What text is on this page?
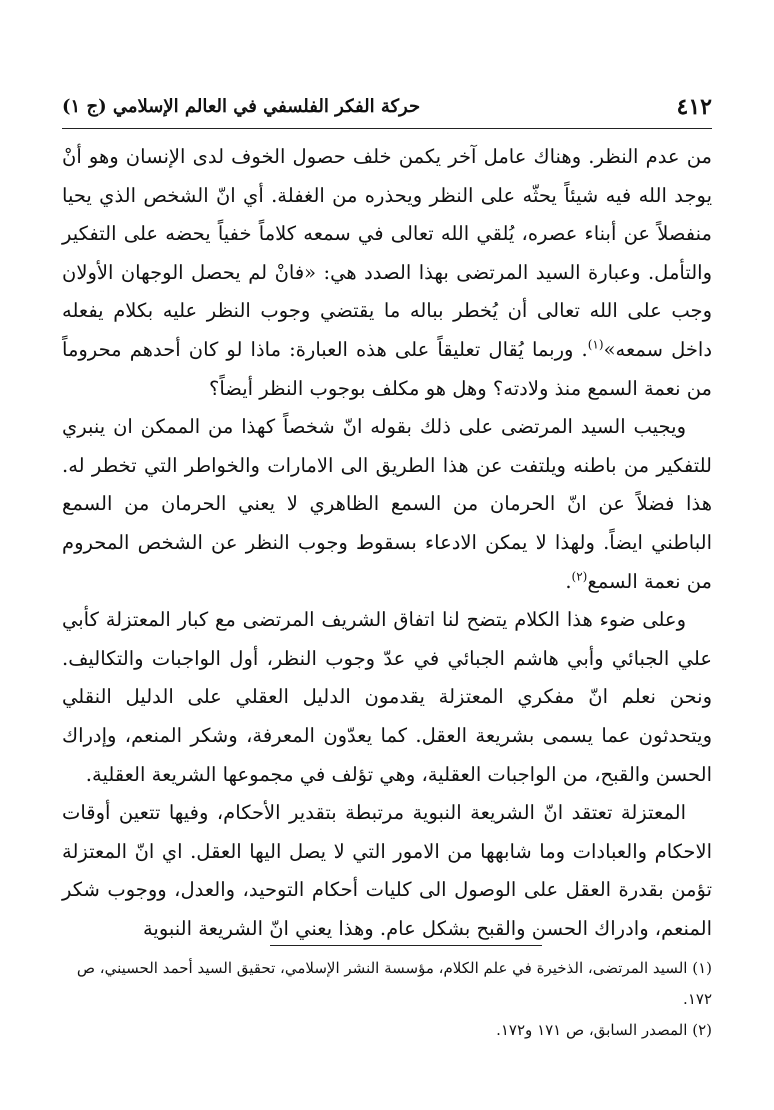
٤١٢
حركة الفكر الفلسفي في العالم الإسلامي (ج ١)

من عدم النظر. وهناك عامل آخر يكمن خلف حصول الخوف لدى الإنسان وهو أنْ يوجد الله فيه شيئاً يحثّه على النظر ويحذره من الغفلة. أي انّ الشخص الذي يحيا منفصلاً عن أبناء عصره، يُلقي الله تعالى في سمعه كلاماً خفياً يحضه على التفكير والتأمل. وعبارة السيد المرتضى بهذا الصدد هي: «فانْ لم يحصل الوجهان الأولان وجب على الله تعالى أن يُخطر بباله ما يقتضي وجوب النظر عليه بكلام يفعله داخل سمعه»$^{(١)}$. وربما يُقال تعليقاً على هذه العبارة: ماذا لو كان أحدهم محروماً من نعمة السمع منذ ولادته؟ وهل هو مكلف بوجوب النظر أيضاً؟

ويجيب السيد المرتضى على ذلك بقوله انّ شخصاً كهذا من الممكن ان ينبري للتفكير من باطنه ويلتفت عن هذا الطريق الى الامارات والخواطر التي تخطر له. هذا فضلاً عن انّ الحرمان من السمع الظاهري لا يعني الحرمان من السمع الباطني ايضاً. ولهذا لا يمكن الادعاء بسقوط وجوب النظر عن الشخص المحروم من نعمة السمع$^{(٢)}$.

وعلى ضوء هذا الكلام يتضح لنا اتفاق الشريف المرتضى مع كبار المعتزلة كأبي علي الجبائي وأبي هاشم الجبائي في عدّ وجوب النظر، أول الواجبات والتكاليف. ونحن نعلم انّ مفكري المعتزلة يقدمون الدليل العقلي على الدليل النقلي ويتحدثون عما يسمى بشريعة العقل. كما يعدّون المعرفة، وشكر المنعم، وإدراك الحسن والقبح، من الواجبات العقلية، وهي تؤلف في مجموعها الشريعة العقلية.

المعتزلة تعتقد انّ الشريعة النبوية مرتبطة بتقدير الأحكام، وفيها تتعين أوقات الاحكام والعبادات وما شابهها من الامور التي لا يصل اليها العقل. اي انّ المعتزلة تؤمن بقدرة العقل على الوصول الى كليات أحكام التوحيد، والعدل، ووجوب شكر المنعم، وادراك الحسن والقبح بشكل عام. وهذا يعني انّ الشريعة النبوية

(١) السيد المرتضى، الذخيرة في علم الكلام، مؤسسة النشر الإسلامي، تحقيق السيد أحمد الحسيني، ص ١٧٢.

(٢) المصدر السابق، ص ١٧١ و١٧٢.
